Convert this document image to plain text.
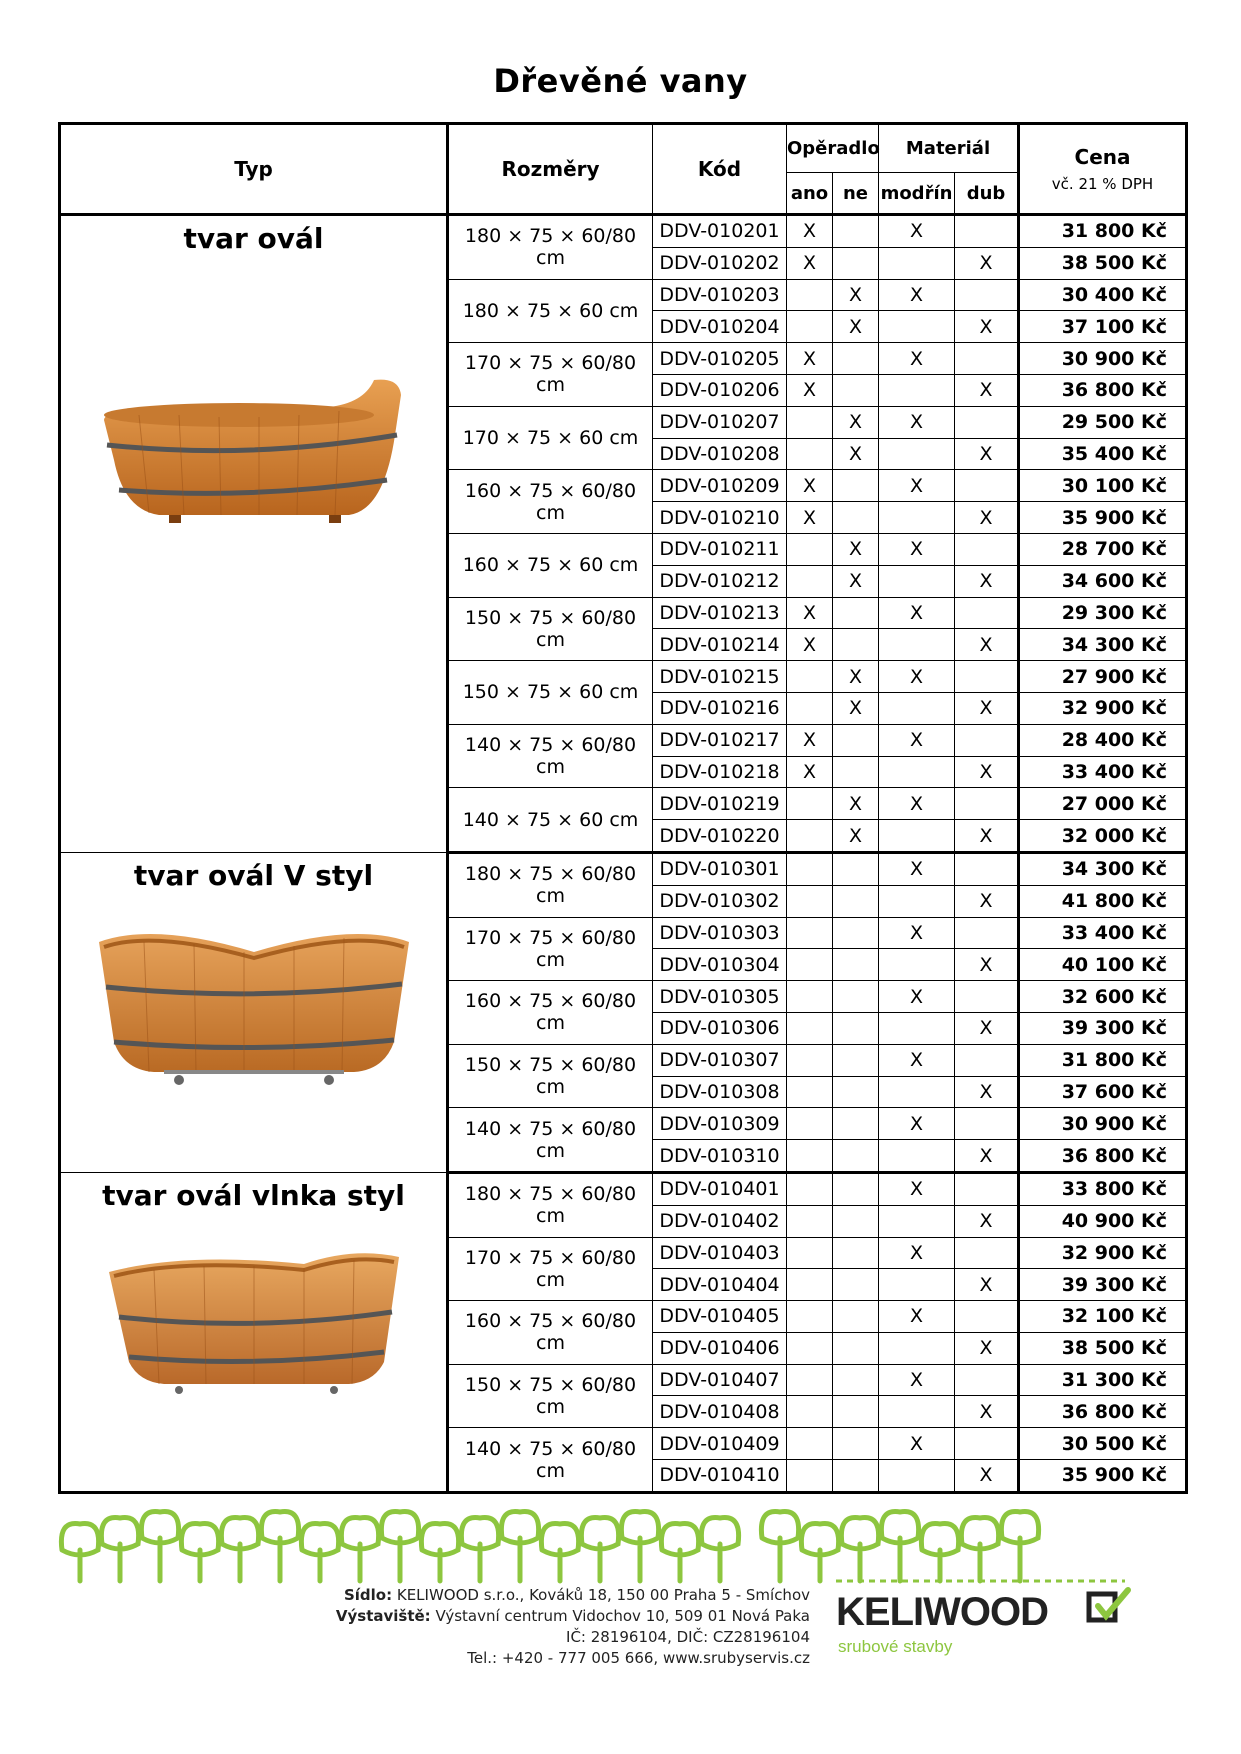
Dřevěné vany
Typ	Rozměry	Kód	Opěradlo		Materiál		Cena
vč. 21 % DPH

			ano	ne	modřín	dub	

tvar ovál	180 × 75 × 60/80 cm	DDV-010201	X		X		31 800 Kč
		DDV-010202	X			X	38 500 Kč
	180 × 75 × 60 cm	DDV-010203		X	X		30 400 Kč
		DDV-010204		X		X	37 100 Kč
	170 × 75 × 60/80 cm	DDV-010205	X		X		30 900 Kč
		DDV-010206	X			X	36 800 Kč
	170 × 75 × 60 cm	DDV-010207		X	X		29 500 Kč
		DDV-010208		X		X	35 400 Kč
	160 × 75 × 60/80 cm	DDV-010209	X		X		30 100 Kč
		DDV-010210	X			X	35 900 Kč
	160 × 75 × 60 cm	DDV-010211		X	X		28 700 Kč
		DDV-010212		X		X	34 600 Kč
	150 × 75 × 60/80 cm	DDV-010213	X		X		29 300 Kč
		DDV-010214	X			X	34 300 Kč
	150 × 75 × 60 cm	DDV-010215		X	X		27 900 Kč
		DDV-010216		X		X	32 900 Kč
	140 × 75 × 60/80 cm	DDV-010217	X		X		28 400 Kč
		DDV-010218	X			X	33 400 Kč
	140 × 75 × 60 cm	DDV-010219		X	X		27 000 Kč
		DDV-010220		X		X	32 000 Kč

tvar ovál V styl	180 × 75 × 60/80 cm	DDV-010301			X		34 300 Kč
		DDV-010302				X	41 800 Kč
	170 × 75 × 60/80 cm	DDV-010303			X		33 400 Kč
		DDV-010304				X	40 100 Kč
	160 × 75 × 60/80 cm	DDV-010305			X		32 600 Kč
		DDV-010306				X	39 300 Kč
	150 × 75 × 60/80 cm	DDV-010307			X		31 800 Kč
		DDV-010308				X	37 600 Kč
	140 × 75 × 60/80 cm	DDV-010309			X		30 900 Kč
		DDV-010310				X	36 800 Kč

tvar ovál vlnka styl	180 × 75 × 60/80 cm	DDV-010401			X		33 800 Kč
		DDV-010402				X	40 900 Kč
	170 × 75 × 60/80 cm	DDV-010403			X		32 900 Kč
		DDV-010404				X	39 300 Kč
	160 × 75 × 60/80 cm	DDV-010405			X		32 100 Kč
		DDV-010406				X	38 500 Kč
	150 × 75 × 60/80 cm	DDV-010407			X		31 300 Kč
		DDV-010408				X	36 800 Kč
	140 × 75 × 60/80 cm	DDV-010409			X		30 500 Kč
		DDV-010410				X	35 900 Kč
Sídlo: KELIWOOD s.r.o., Kováků 18, 150 00 Praha 5 - Smíchov
Výstaviště: Výstavní centrum Vidochov 10, 509 01 Nová Paka
IČ: 28196104, DIČ: CZ28196104
Tel.: +420 - 777 005 666, www.srubyservis.cz
KELIWOOD
srubové stavby
